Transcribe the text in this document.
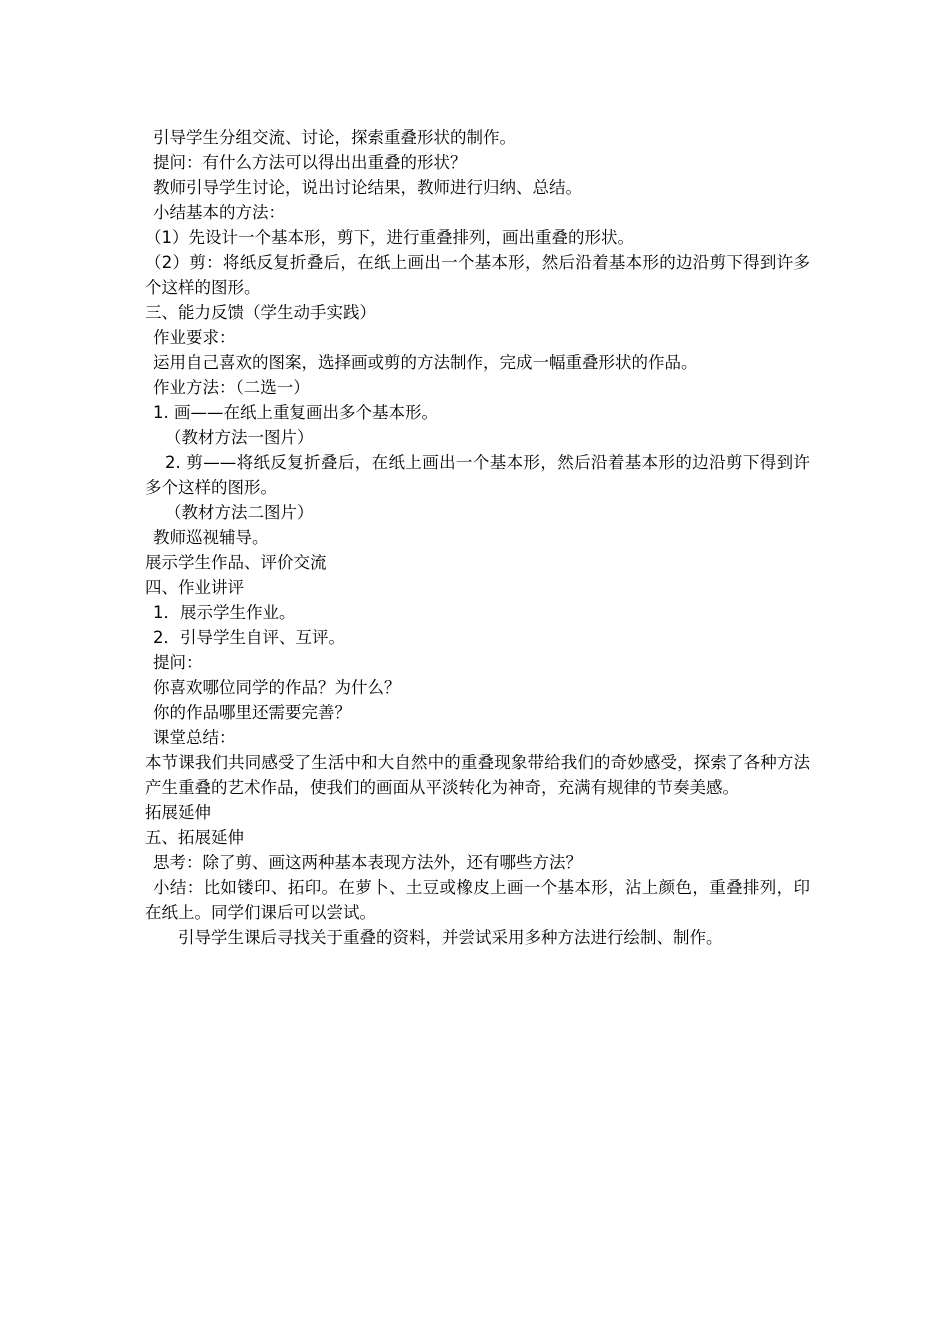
引导学生分组交流、讨论，探索重叠形状的制作。
提问：有什么方法可以得出出重叠的形状？
教师引导学生讨论，说出讨论结果，教师进行归纳、总结。
小结基本的方法：
（1）先设计一个基本形，剪下，进行重叠排列，画出重叠的形状。
（2）剪：将纸反复折叠后，在纸上画出一个基本形，然后沿着基本形的边沿剪下得到许多个这样的图形。
三、能力反馈（学生动手实践）
作业要求：
运用自己喜欢的图案，选择画或剪的方法制作，完成一幅重叠形状的作品。
作业方法：（二选一）
1. 画——在纸上重复画出多个基本形。
（教材方法一图片）
2. 剪——将纸反复折叠后，在纸上画出一个基本形，然后沿着基本形的边沿剪下得到许多个这样的图形。
（教材方法二图片）
教师巡视辅导。
展示学生作品、评价交流
四、作业讲评
1．展示学生作业。
2．引导学生自评、互评。
提问：
你喜欢哪位同学的作品？为什么？
你的作品哪里还需要完善？
课堂总结：
本节课我们共同感受了生活中和大自然中的重叠现象带给我们的奇妙感受，探索了各种方法产生重叠的艺术作品，使我们的画面从平淡转化为神奇，充满有规律的节奏美感。
拓展延伸
五、拓展延伸
思考：除了剪、画这两种基本表现方法外，还有哪些方法？
小结：比如镂印、拓印。在萝卜、土豆或橡皮上画一个基本形，沾上颜色，重叠排列，印在纸上。同学们课后可以尝试。
引导学生课后寻找关于重叠的资料，并尝试采用多种方法进行绘制、制作。
